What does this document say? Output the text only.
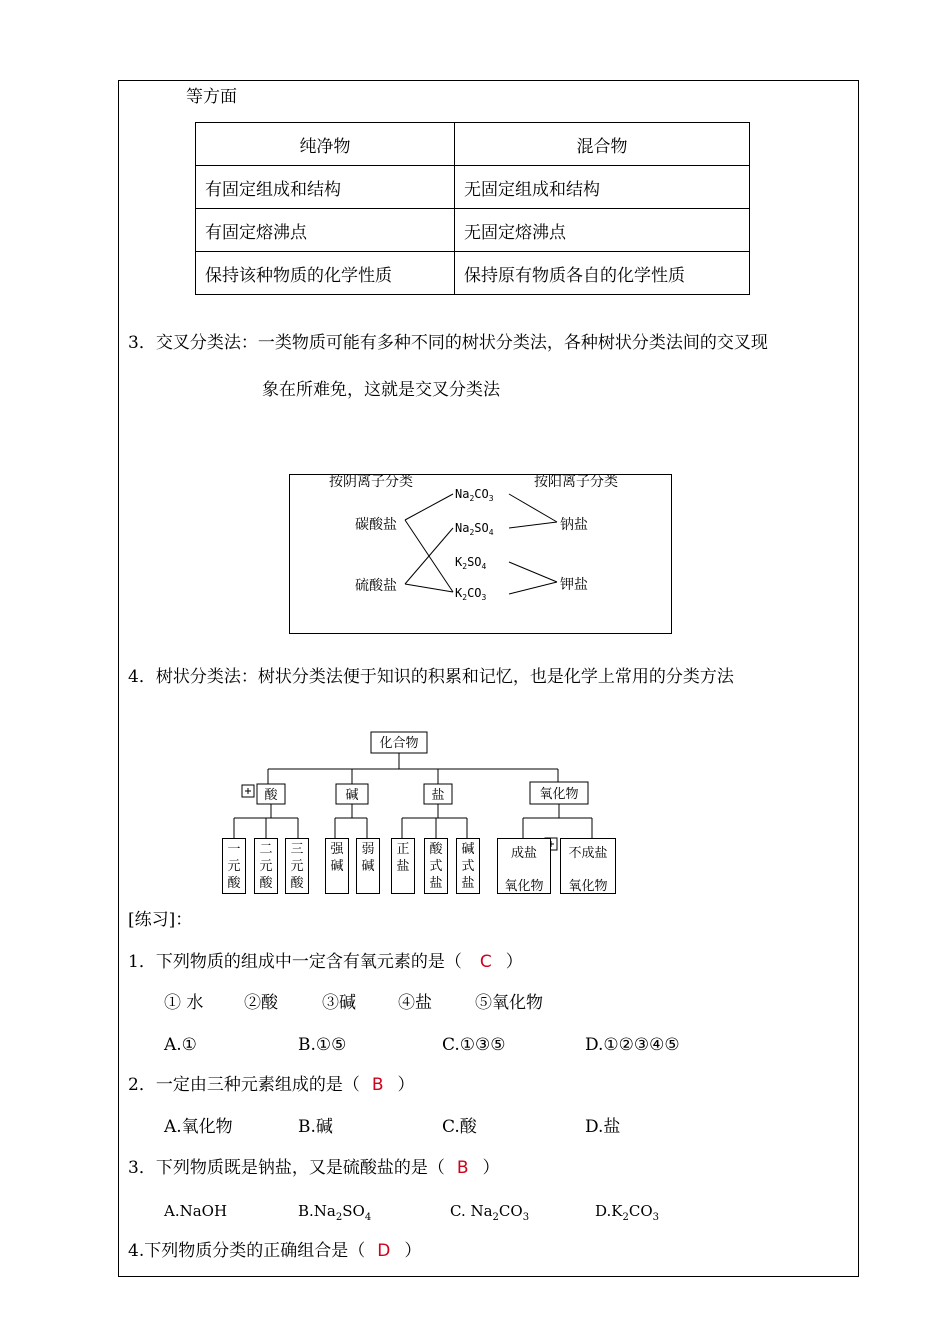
等方面
纯净物	混合物
有固定组成和结构	无固定组成和结构
有固定熔沸点	无固定熔沸点
保持该种物质的化学性质	保持原有物质各自的化学性质
3．交叉分类法：一类物质可能有多种不同的树状分类法，各种树状分类法间的交叉现
象在所难免，这就是交叉分类法
按阴离子分类	按阳离子分类
碳酸盐
硫酸盐
钠盐
钾盐
$Na_2CO_3$
$Na_2SO_4$
$K_2SO_4$
$K_2CO_3$
4．树状分类法：树状分类法便于知识的积累和记忆，也是化学上常用的分类方法
化合物
酸	碱	盐	氧化物
一元酸
二元酸
三元酸
强碱
弱碱
正盐
酸式盐
碱式盐
成盐
氧化物
不成盐
氧化物
[练习]：
1．下列物质的组成中一定含有氧元素的是（ C ）
① 水 ②酸	③碱 ④盐	⑤氧化物
A.①	B.①⑤	C.①③⑤	D.①②③④⑤
2．一定由三种元素组成的是（ B ）
A.氧化物	B.碱	C.酸	D.盐
3．下列物质既是钠盐，又是硫酸盐的是（ B ）
A.NaOH	$B.Na_2SO_4$	C. $Na_2CO_3$	$D.K_2CO_3$
4.下列物质分类的正确组合是（ D ）
